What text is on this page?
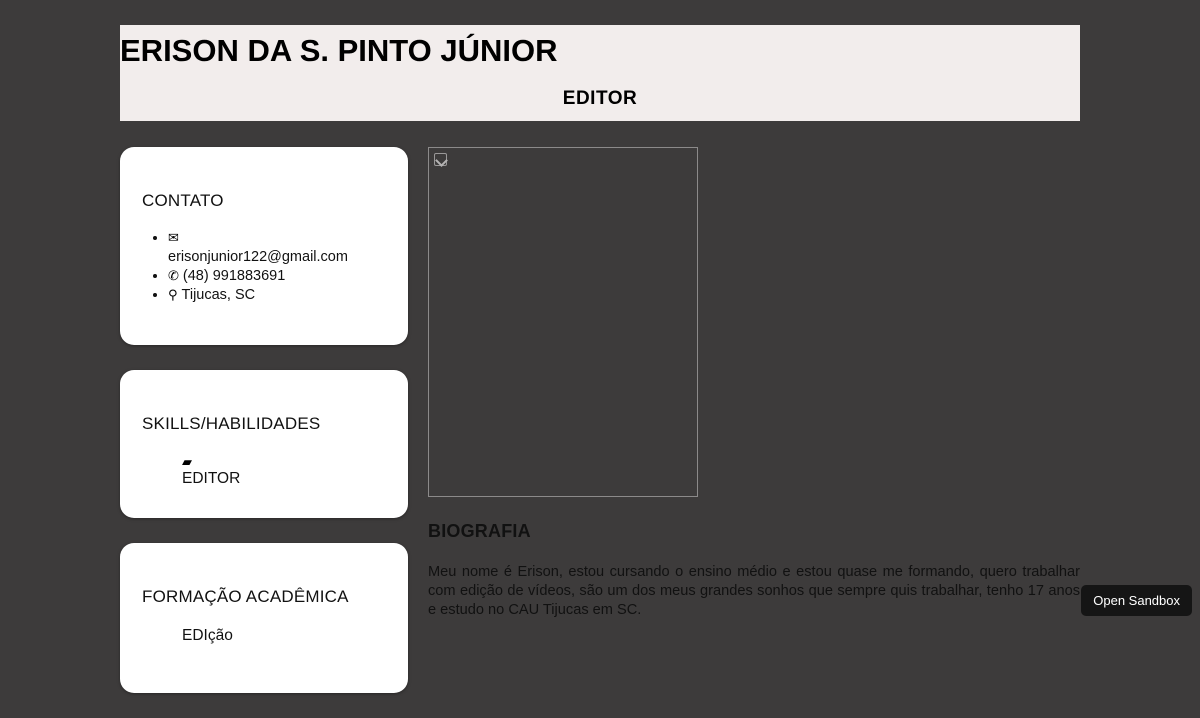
ERISON DA S. PINTO JÚNIOR
EDITOR
CONTATO
• ✉

erisonjunior122@gmail.com
• ✆ (48) 991883691
• ⚲ Tijucas, SC
SKILLS/HABILIDADES
▰
EDITOR
FORMAÇÃO ACADÊMICA
EDIção
BIOGRAFIA
Meu nome é Erison, estou cursando o ensino médio e estou quase me formando, quero trabalhar com edição de vídeos, são um dos meus grandes sonhos que sempre quis trabalhar, tenho 17 anos e estudo no CAU Tijucas em SC.
Open Sandbox
